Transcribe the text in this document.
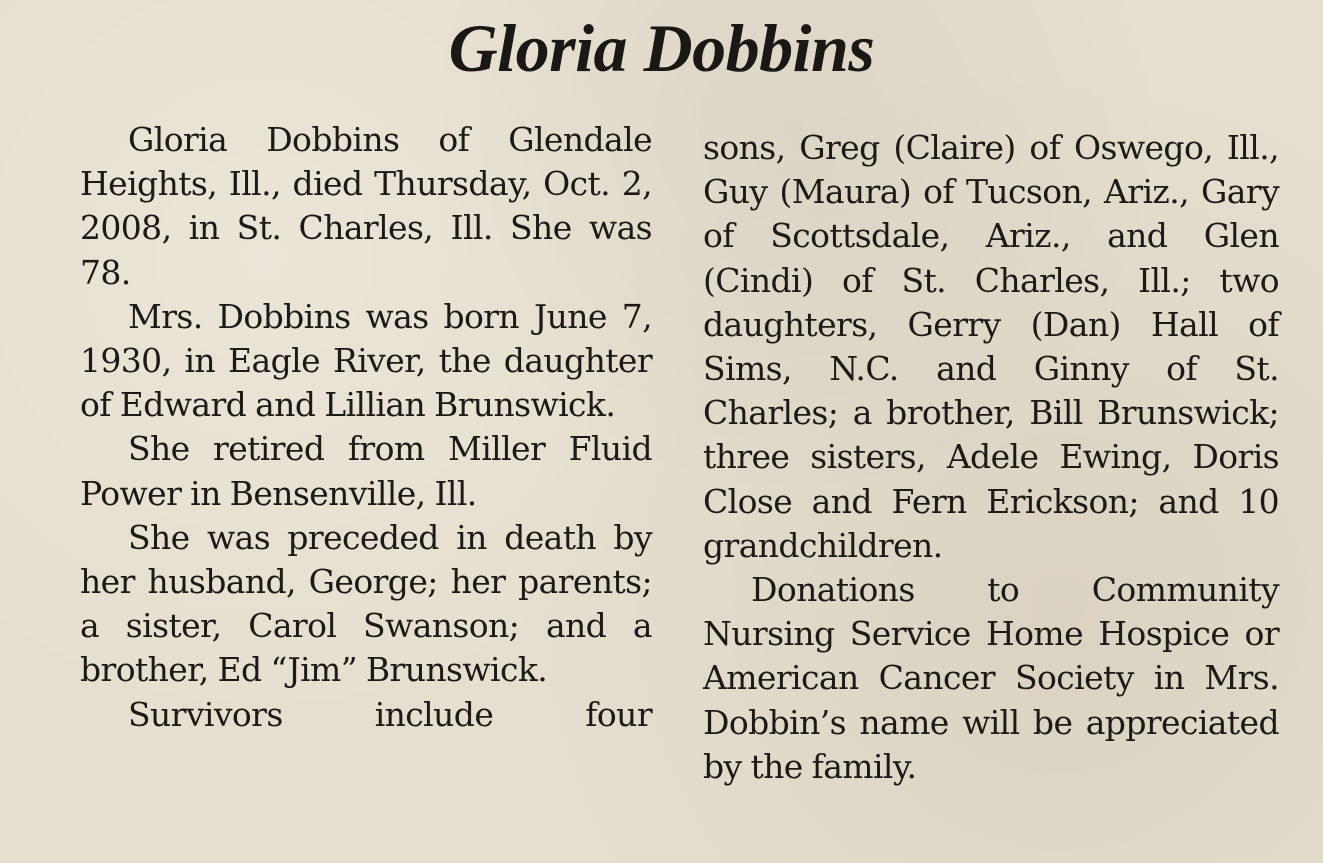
Gloria Dobbins

Gloria Dobbins of Glendale Heights, Ill., died Thursday, Oct. 2, 2008, in St. Charles, Ill. She was 78.

Mrs. Dobbins was born June 7, 1930, in Eagle River, the daughter of Edward and Lillian Brunswick.

She retired from Miller Fluid Power in Bensenville, Ill.

She was preceded in death by her husband, George; her parents; a sister, Carol Swanson; and a brother, Ed “Jim” Brunswick.

Survivors include four

sons, Greg (Claire) of Oswego, Ill., Guy (Maura) of Tucson, Ariz., Gary of Scottsdale, Ariz., and Glen (Cindi) of St. Charles, Ill.; two daughters, Gerry (Dan) Hall of Sims, N.C. and Ginny of St. Charles; a brother, Bill Brunswick; three sisters, Adele Ewing, Doris Close and Fern Erickson; and 10 grandchildren.

Donations to Community Nursing Service Home Hospice or American Cancer Society in Mrs. Dobbin’s name will be appreciated by the family.
